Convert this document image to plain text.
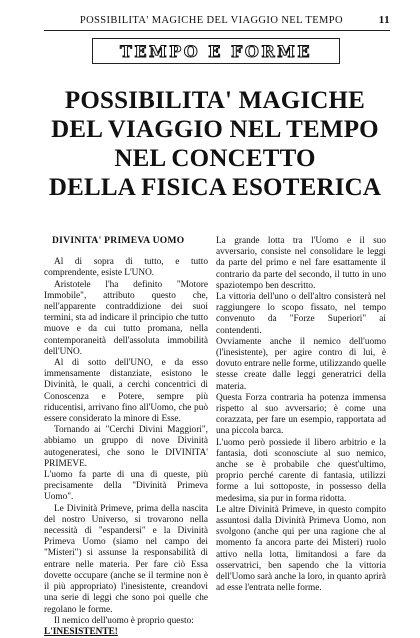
POSSIBILITA' MAGICHE DEL VIAGGIO NEL TEMPO	11
TEMPO E FORME
POSSIBILITA' MAGICHE
DEL VIAGGIO NEL TEMPO
NEL CONCETTO
DELLA FISICA ESOTERICA

DIVINITA' PRIMEVA UOMO

Al di sopra di tutto, e tutto comprendente, esiste L'UNO.

Aristotele l'ha definito "Motore Immobile", attributo questo che, nell'apparente contraddizione dei suoi termini, sta ad indicare il principio che tutto muove e da cui tutto promana, nella contemporaneità dell'assoluta immobilità dell'UNO.

Al di sotto dell'UNO, e da esso immensamente distanziate, esistono le Divinità, le quali, a cerchi concentrici di Conoscenza e Potere, sempre più riducentisi, arrivano fino all'Uomo, che può essere considerato la minore di Esse.

Tornando ai "Cerchi Divini Maggiori", abbiamo un gruppo di nove Divinità autogeneratesi, che sono le DIVINITA' PRIMEVE.

L'uomo fa parte di una di queste, più precisamente della "Divinità Primeva Uomo".

Le Divinità Primeve, prima della nascita del nostro Universo, si trovarono nella necessità di "espandersi" e la Divinità Primeva Uomo (siamo nel campo dei "Misteri") si assunse la responsabilità di entrare nelle materia. Per fare ciò Essa dovette occupare (anche se il termine non è il più appropriato) l'inesistente, creandovi una serie di leggi che sono poi quelle che regolano le forme.

Il nemico dell'uomo è proprio questo:

L'INESISTENTE!

La grande lotta tra l'Uomo e il suo avversario, consiste nel consolidare le leggi da parte del primo e nel fare esattamente il contrario da parte del secondo, il tutto in uno spaziotempo ben descritto.

La vittoria dell'uno o dell'altro consisterà nel raggiungere lo scopo fissato, nel tempo convenuto da "Forze Superiori" ai contendenti.

Ovviamente anche il nemico dell'uomo (l'inesistente), per agire contro di lui, è dovuto entrare nelle forme, utilizzando quelle stesse create dalle leggi generatrici della materia.

Questa Forza contraria ha potenza immensa rispetto al suo avversario; è come una corazzata, per fare un esempio, rapportata ad una piccola barca.

L'uomo però possiede il libero arbitrio e la fantasia, doti sconosciute al suo nemico, anche se è probabile che quest'ultimo, proprio perché carente di fantasia, utilizzi forme a lui sottoposte, in possesso della medesima, sia pur in forma ridotta.

Le altre Divinità Primeve, in questo compito assuntosi dalla Divinità Primeva Uomo, non svolgono (anche qui per una ragione che al momento fa ancora parte dei Misteri) ruolo attivo nella lotta, limitandosi a fare da osservatrici, ben sapendo che la vittoria dell'Uomo sarà anche la loro, in quanto aprirà ad esse l'entrata nelle forme.
